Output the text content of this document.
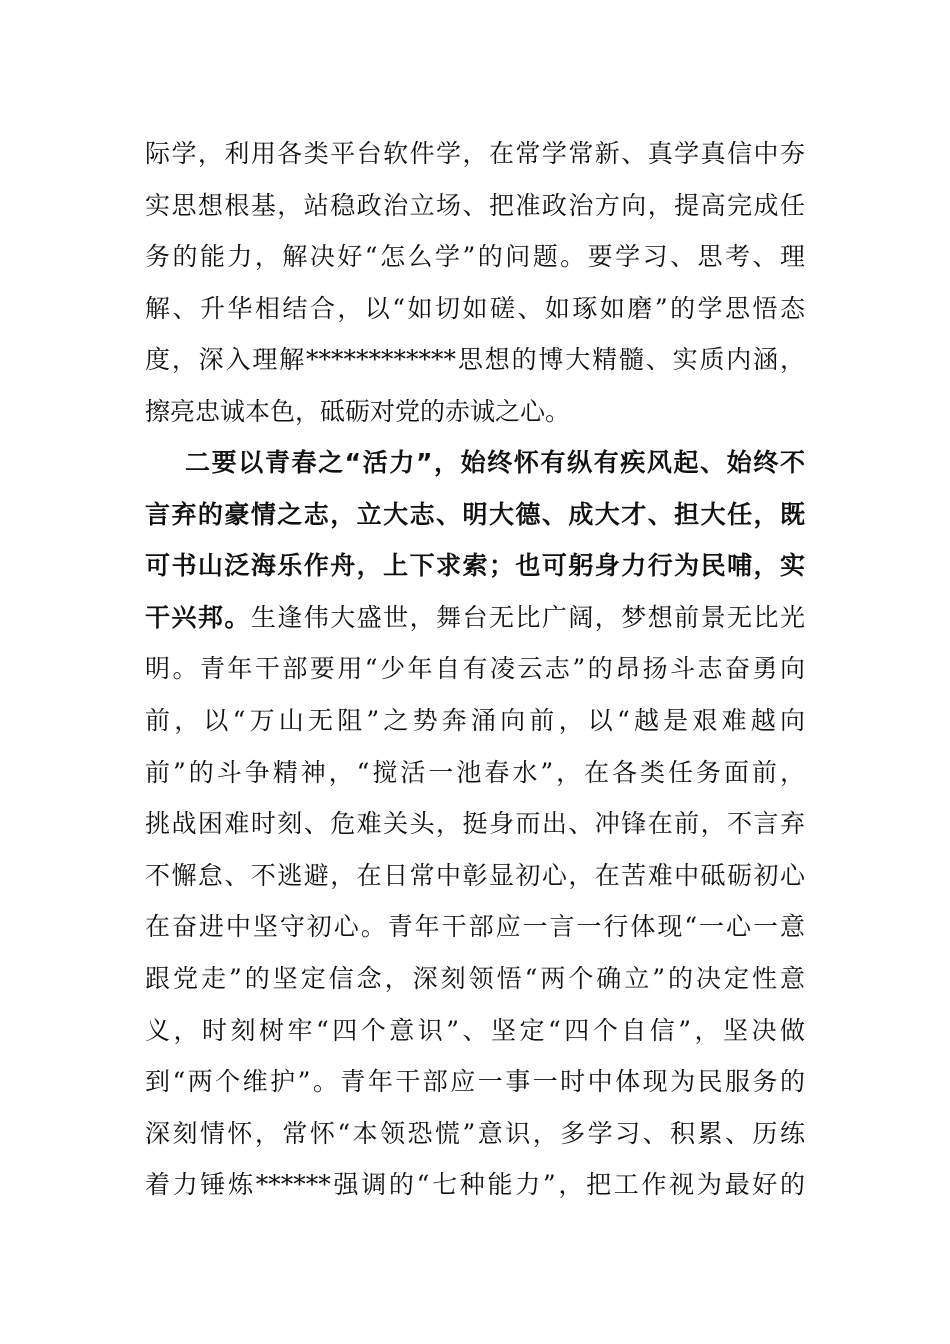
际学，利用各类平台软件学，在常学常新、真学真信中夯
实思想根基，站稳政治立场、把准政治方向，提高完成任
务的能力，解决好“怎么学”的问题。要学习、思考、理
解、升华相结合，以“如切如磋、如琢如磨”的学思悟态
度，深入理解************思想的博大精髓、实质内涵，
擦亮忠诚本色，砥砺对党的赤诚之心。
二要以青春之“活力”，始终怀有纵有疾风起、始终不
言弃的豪情之志，立大志、明大德、成大才、担大任，既
可书山泛海乐作舟，上下求索；也可躬身力行为民哺，实
干兴邦。生逢伟大盛世，舞台无比广阔，梦想前景无比光
明。青年干部要用“少年自有凌云志”的昂扬斗志奋勇向
前，以“万山无阻”之势奔涌向前，以“越是艰难越向
前”的斗争精神，“搅活一池春水”，在各类任务面前，
挑战困难时刻、危难关头，挺身而出、冲锋在前，不言弃
不懈怠、不逃避，在日常中彰显初心，在苦难中砥砺初心
在奋进中坚守初心。青年干部应一言一行体现“一心一意
跟党走”的坚定信念，深刻领悟“两个确立”的决定性意
义，时刻树牢“四个意识”、坚定“四个自信”，坚决做
到“两个维护”。青年干部应一事一时中体现为民服务的
深刻情怀，常怀“本领恐慌”意识，多学习、积累、历练
着力锤炼******强调的“七种能力”，把工作视为最好的
